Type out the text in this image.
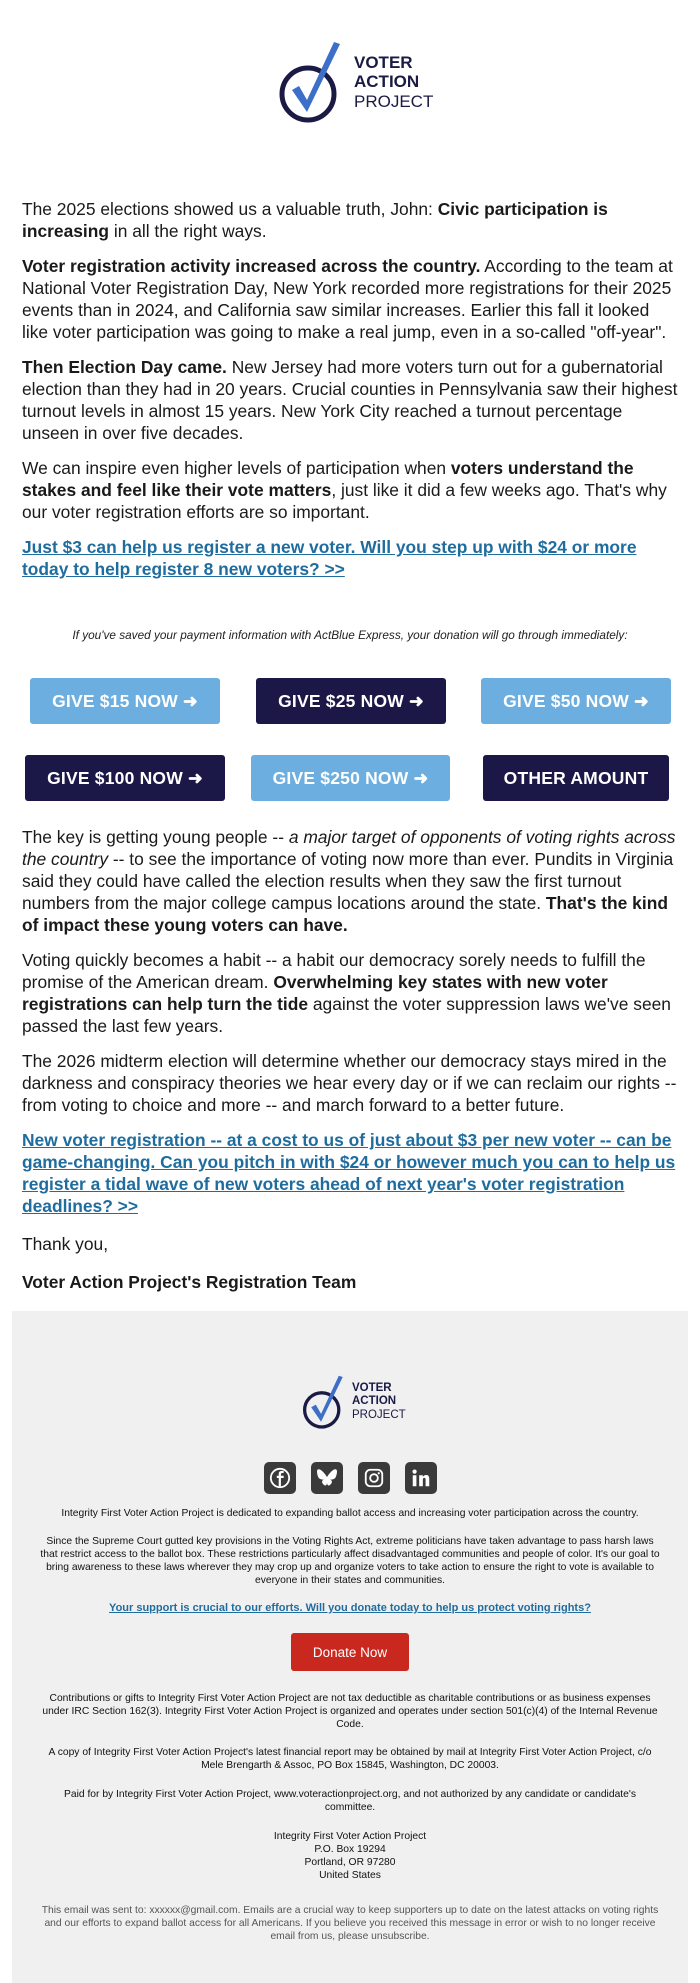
VOTER
ACTION
PROJECT

The 2025 elections showed us a valuable truth, John: Civic participation is increasing in all the right ways.

Voter registration activity increased across the country. According to the team at National Voter Registration Day, New York recorded more registrations for their 2025 events than in 2024, and California saw similar increases. Earlier this fall it looked like voter participation was going to make a real jump, even in a so-called "off-year".

Then Election Day came. New Jersey had more voters turn out for a gubernatorial election than they had in 20 years. Crucial counties in Pennsylvania saw their highest turnout levels in almost 15 years. New York City reached a turnout percentage unseen in over five decades.

We can inspire even higher levels of participation when voters understand the stakes and feel like their vote matters, just like it did a few weeks ago. That's why our voter registration efforts are so important.

Just $3 can help us register a new voter. Will you step up with $24 or more today to help register 8 new voters? >>

If you've saved your payment information with ActBlue Express, your donation will go through immediately:
GIVE $15 NOW ➜	GIVE $25 NOW ➜	GIVE $50 NOW ➜
GIVE $100 NOW ➜	GIVE $250 NOW ➜	OTHER AMOUNT

The key is getting young people -- a major target of opponents of voting rights across the country -- to see the importance of voting now more than ever. Pundits in Virginia said they could have called the election results when they saw the first turnout numbers from the major college campus locations around the state. That's the kind of impact these young voters can have.

Voting quickly becomes a habit -- a habit our democracy sorely needs to fulfill the promise of the American dream. Overwhelming key states with new voter registrations can help turn the tide against the voter suppression laws we've seen passed the last few years.

The 2026 midterm election will determine whether our democracy stays mired in the darkness and conspiracy theories we hear every day or if we can reclaim our rights -- from voting to choice and more -- and march forward to a better future.

New voter registration -- at a cost to us of just about $3 per new voter -- can be game-changing. Can you pitch in with $24 or however much you can to help us register a tidal wave of new voters ahead of next year's voter registration deadlines? >>

Thank you,

Voter Action Project's Registration Team

VOTER
ACTION
PROJECT
Integrity First Voter Action Project is dedicated to expanding ballot access and increasing voter participation across the country.
Since the Supreme Court gutted key provisions in the Voting Rights Act, extreme politicians have taken advantage to pass harsh laws that restrict access to the ballot box. These restrictions particularly affect disadvantaged communities and people of color. It's our goal to bring awareness to these laws wherever they may crop up and organize voters to take action to ensure the right to vote is available to everyone in their states and communities.
Your support is crucial to our efforts. Will you donate today to help us protect voting rights?
Donate Now
Contributions or gifts to Integrity First Voter Action Project are not tax deductible as charitable contributions or as business expenses under IRC Section 162(3). Integrity First Voter Action Project is organized and operates under section 501(c)(4) of the Internal Revenue Code.
A copy of Integrity First Voter Action Project's latest financial report may be obtained by mail at Integrity First Voter Action Project, c/o Mele Brengarth & Assoc, PO Box 15845, Washington, DC 20003.
Paid for by Integrity First Voter Action Project, www.voteractionproject.org, and not authorized by any candidate or candidate's committee.
Integrity First Voter Action Project
P.O. Box 19294
Portland, OR 97280
United States
This email was sent to: xxxxxx@gmail.com. Emails are a crucial way to keep supporters up to date on the latest attacks on voting rights and our efforts to expand ballot access for all Americans. If you believe you received this message in error or wish to no longer receive email from us, please unsubscribe.
